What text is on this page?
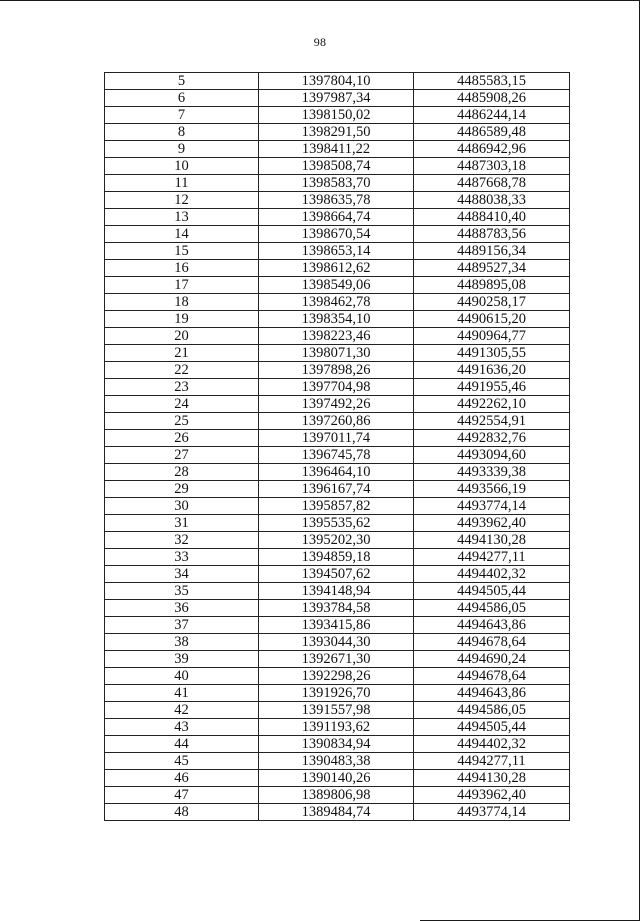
98
5	1397804,10	4485583,15
6	1397987,34	4485908,26
7	1398150,02	4486244,14
8	1398291,50	4486589,48
9	1398411,22	4486942,96
10	1398508,74	4487303,18
11	1398583,70	4487668,78
12	1398635,78	4488038,33
13	1398664,74	4488410,40
14	1398670,54	4488783,56
15	1398653,14	4489156,34
16	1398612,62	4489527,34
17	1398549,06	4489895,08
18	1398462,78	4490258,17
19	1398354,10	4490615,20
20	1398223,46	4490964,77
21	1398071,30	4491305,55
22	1397898,26	4491636,20
23	1397704,98	4491955,46
24	1397492,26	4492262,10
25	1397260,86	4492554,91
26	1397011,74	4492832,76
27	1396745,78	4493094,60
28	1396464,10	4493339,38
29	1396167,74	4493566,19
30	1395857,82	4493774,14
31	1395535,62	4493962,40
32	1395202,30	4494130,28
33	1394859,18	4494277,11
34	1394507,62	4494402,32
35	1394148,94	4494505,44
36	1393784,58	4494586,05
37	1393415,86	4494643,86
38	1393044,30	4494678,64
39	1392671,30	4494690,24
40	1392298,26	4494678,64
41	1391926,70	4494643,86
42	1391557,98	4494586,05
43	1391193,62	4494505,44
44	1390834,94	4494402,32
45	1390483,38	4494277,11
46	1390140,26	4494130,28
47	1389806,98	4493962,40
48	1389484,74	4493774,14
